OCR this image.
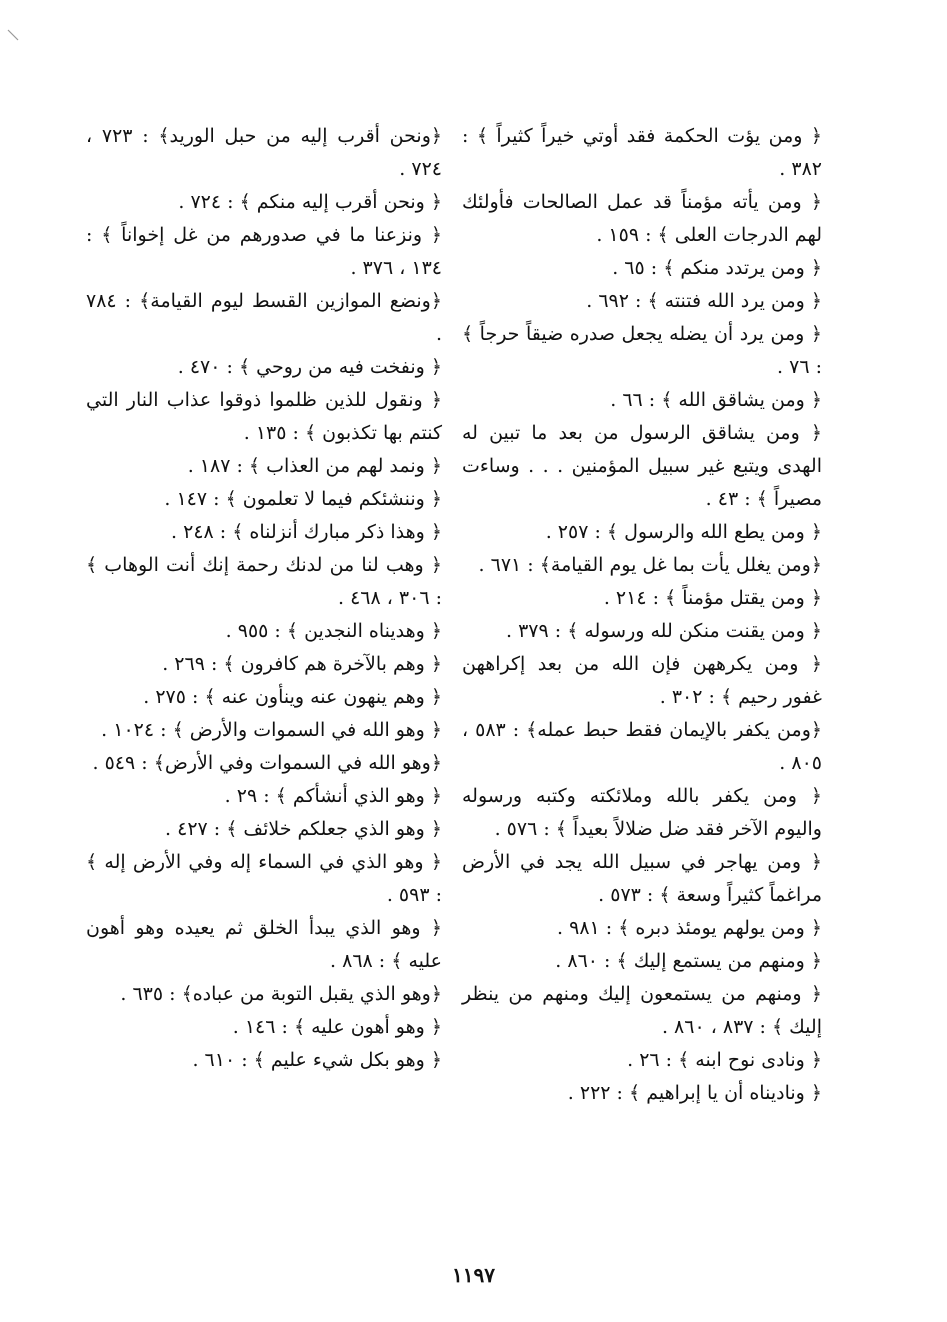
﴿ ومن يؤت الحكمة فقد أوتي خيراً كثيراً ﴾ : ٣٨٢ .

﴿ ومن يأته مؤمناً قد عمل الصالحات فأولئك لهم الدرجات العلى ﴾ : ١٥٩ .

﴿ ومن يرتدد منكم ﴾ : ٦٥ .

﴿ ومن يرد الله فتنته ﴾ : ٦٩٢ .

﴿ ومن يرد أن يضله يجعل صدره ضيقاً حرجاً ﴾ : ٧٦ .

﴿ ومن يشاقق الله ﴾ : ٦٦ .

﴿ ومن يشاقق الرسول من بعد ما تبين له الهدى ويتبع غير سبيل المؤمنين . . . وساءت مصيراً ﴾ : ٤٣ .

﴿ ومن يطع الله والرسول ﴾ : ٢٥٧ .

﴿ومن يغلل يأت بما غل يوم القيامة﴾ : ٦٧١ .

﴿ ومن يقتل مؤمناً ﴾ : ٢١٤ .

﴿ ومن يقنت منكن لله ورسوله ﴾ : ٣٧٩ .

﴿ ومن يكرههن فإن الله من بعد إكراههن غفور رحيم ﴾ : ٣٠٢ .

﴿ومن يكفر بالإيمان فقط حبط عمله﴾ : ٥٨٣ ، ٨٠٥ .

﴿ ومن يكفر بالله وملائكته وكتبه ورسوله واليوم الآخر فقد ضل ضلالاً بعيداً ﴾ : ٥٧٦ .

﴿ ومن يهاجر في سبيل الله يجد في الأرض مراغماً كثيراً وسعة ﴾ : ٥٧٣ .

﴿ ومن يولهم يومئذ دبره ﴾ : ٩٨١ .

﴿ ومنهم من يستمع إليك ﴾ : ٨٦٠ .

﴿ ومنهم من يستمعون إليك ومنهم من ينظر إليك ﴾ : ٨٣٧ ، ٨٦٠ .

﴿ ونادى نوح ابنه ﴾ : ٢٦ .

﴿ وناديناه أن يا إبراهيم ﴾ : ٢٢٢ .

﴿ونحن أقرب إليه من حبل الوريد﴾ : ٧٢٣ ، ٧٢٤ .

﴿ ونحن أقرب إليه منكم ﴾ : ٧٢٤ .

﴿ ونزعنا ما في صدورهم من غل إخواناً ﴾ : ١٣٤ ، ٣٧٦ .

﴿ونضع الموازين القسط ليوم القيامة﴾ : ٧٨٤ .

﴿ ونفخت فيه من روحي ﴾ : ٤٧٠ .

﴿ ونقول للذين ظلموا ذوقوا عذاب النار التي كنتم بها تكذبون ﴾ : ١٣٥ .

﴿ ونمد لهم من العذاب ﴾ : ١٨٧ .

﴿ وننشئكم فيما لا تعلمون ﴾ : ١٤٧ .

﴿ وهذا ذكر مبارك أنزلناه ﴾ : ٢٤٨ .

﴿ وهب لنا من لدنك رحمة إنك أنت الوهاب ﴾ : ٣٠٦ ، ٤٦٨ .

﴿ وهديناه النجدين ﴾ : ٩٥٥ .

﴿ وهم بالآخرة هم كافرون ﴾ : ٢٦٩ .

﴿ وهم ينهون عنه وينأون عنه ﴾ : ٢٧٥ .

﴿ وهو الله في السموات والأرض ﴾ : ١٠٢٤ .

﴿وهو الله في السموات وفي الأرض﴾ : ٥٤٩ .

﴿ وهو الذي أنشأكم ﴾ : ٢٩ .

﴿ وهو الذي جعلكم خلائف ﴾ : ٤٢٧ .

﴿ وهو الذي في السماء إله وفي الأرض إله ﴾ : ٥٩٣ .

﴿ وهو الذي يبدأ الخلق ثم يعيده وهو أهون عليه ﴾ : ٨٦٨ .

﴿وهو الذي يقبل التوبة من عباده﴾ : ٦٣٥ .

﴿ وهو أهون عليه ﴾ : ١٤٦ .

﴿ وهو بكل شيء عليم ﴾ : ٦١٠ .

١١٩٧
